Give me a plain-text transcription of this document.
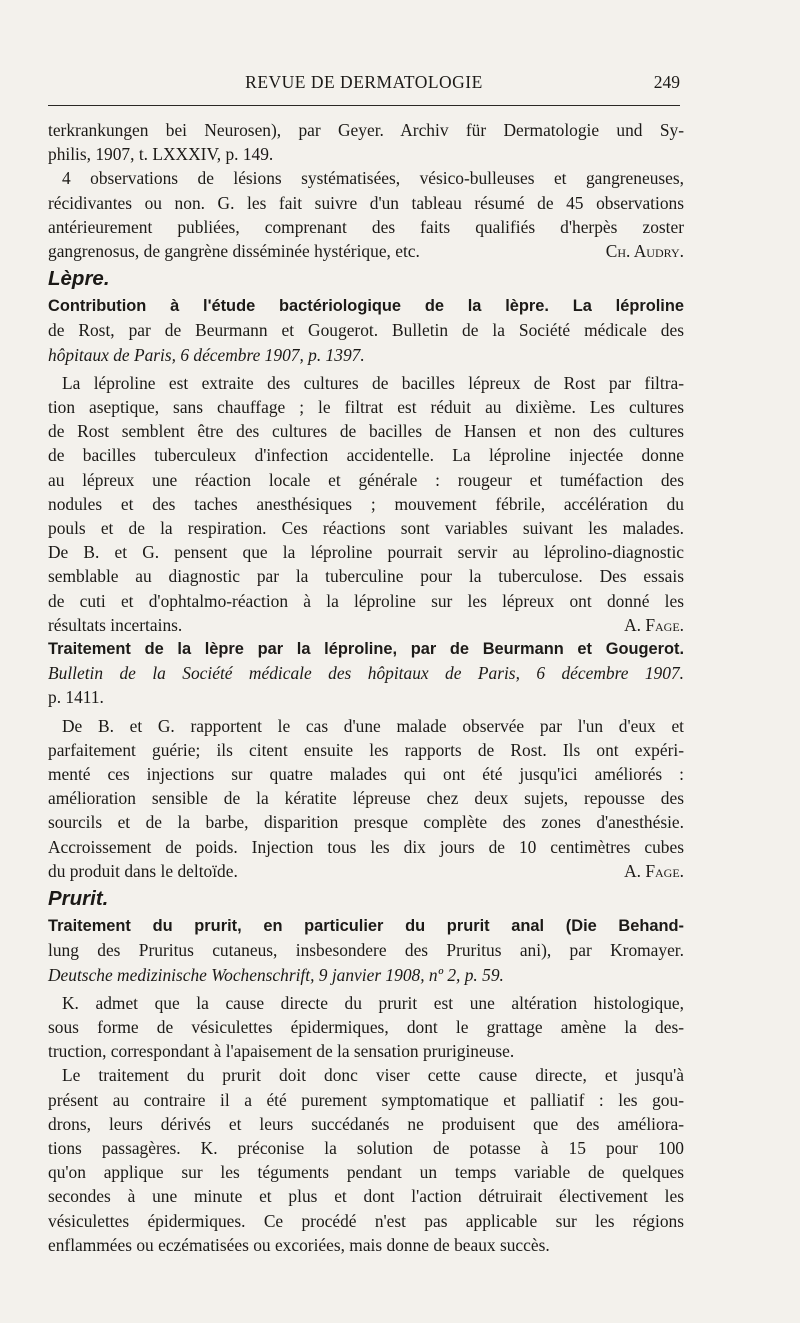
REVUE DE DERMATOLOGIE	249
terkrankungen bei Neurosen), par Geyer. Archiv für Dermatologie und Sy-
philis, 1907, t. LXXXIV, p. 149.
4 observations de lésions systématisées, vésico-bulleuses et gangreneuses,
récidivantes ou non. G. les fait suivre d'un tableau résumé de 45 observations
antérieurement publiées, comprenant des faits qualifiés d'herpès zoster
gangrenosus, de gangrène disséminée hystérique, etc.	Ch. Audry.
Lèpre.
Contribution à l'étude bactériologique de la lèpre. La léproline
de Rost, par de Beurmann et Gougerot. Bulletin de la Société médicale des
hôpitaux de Paris, 6 décembre 1907, p. 1397.
La léproline est extraite des cultures de bacilles lépreux de Rost par filtra-
tion aseptique, sans chauffage ; le filtrat est réduit au dixième. Les cultures
de Rost semblent être des cultures de bacilles de Hansen et non des cultures
de bacilles tuberculeux d'infection accidentelle. La léproline injectée donne
au lépreux une réaction locale et générale : rougeur et tuméfaction des
nodules et des taches anesthésiques ; mouvement fébrile, accélération du
pouls et de la respiration. Ces réactions sont variables suivant les malades.
De B. et G. pensent que la léproline pourrait servir au léprolino-diagnostic
semblable au diagnostic par la tuberculine pour la tuberculose. Des essais
de cuti et d'ophtalmo-réaction à la léproline sur les lépreux ont donné les
résultats incertains.	A. Fage.
Traitement de la lèpre par la léproline, par de Beurmann et Gougerot.
Bulletin de la Société médicale des hôpitaux de Paris, 6 décembre 1907.
p. 1411.
De B. et G. rapportent le cas d'une malade observée par l'un d'eux et
parfaitement guérie; ils citent ensuite les rapports de Rost. Ils ont expéri-
menté ces injections sur quatre malades qui ont été jusqu'ici améliorés :
amélioration sensible de la kératite lépreuse chez deux sujets, repousse des
sourcils et de la barbe, disparition presque complète des zones d'anesthésie.
Accroissement de poids. Injection tous les dix jours de 10 centimètres cubes
du produit dans le deltoïde.	A. Fage.
Prurit.
Traitement du prurit, en particulier du prurit anal (Die Behand-
lung des Pruritus cutaneus, insbesondere des Pruritus ani), par Kromayer.
Deutsche medizinische Wochenschrift, 9 janvier 1908, nº 2, p. 59.
K. admet que la cause directe du prurit est une altération histologique,
sous forme de vésiculettes épidermiques, dont le grattage amène la des-
truction, correspondant à l'apaisement de la sensation prurigineuse.
Le traitement du prurit doit donc viser cette cause directe, et jusqu'à
présent au contraire il a été purement symptomatique et palliatif : les gou-
drons, leurs dérivés et leurs succédanés ne produisent que des améliora-
tions passagères. K. préconise la solution de potasse à 15 pour 100
qu'on applique sur les téguments pendant un temps variable de quelques
secondes à une minute et plus et dont l'action détruirait électivement les
vésiculettes épidermiques. Ce procédé n'est pas applicable sur les régions
enflammées ou eczématisées ou excoriées, mais donne de beaux succès.
